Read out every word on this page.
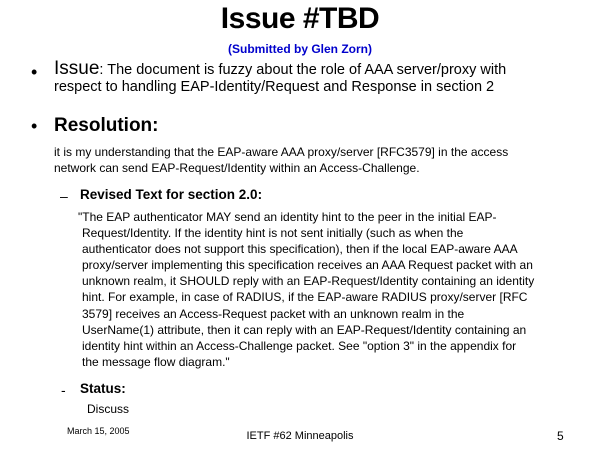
Issue #TBD
(Submitted by Glen Zorn)
• Issue: The document is fuzzy about the role of AAA server/proxy with
respect to handling EAP-Identity/Request and Response in section 2
• Resolution:
it is my understanding that the EAP-aware AAA proxy/server [RFC3579] in the access
network can send EAP-Request/Identity within an Access-Challenge.
– Revised Text for section 2.0:
"The EAP authenticator MAY send an identity hint to the peer in the initial EAP-
Request/Identity. If the identity hint is not sent initially (such as when the
authenticator does not support this specification), then if the local EAP-aware AAA
proxy/server implementing this specification receives an AAA Request packet with an
unknown realm, it SHOULD reply with an EAP-Request/Identity containing an identity
hint. For example, in case of RADIUS, if the EAP-aware RADIUS proxy/server [RFC
3579] receives an Access-Request packet with an unknown realm in the
UserName(1) attribute, then it can reply with an EAP-Request/Identity containing an
identity hint within an Access-Challenge packet. See "option 3" in the appendix for
the message flow diagram."
- Status:
Discuss
March 15, 2005	IETF #62 Minneapolis	5
